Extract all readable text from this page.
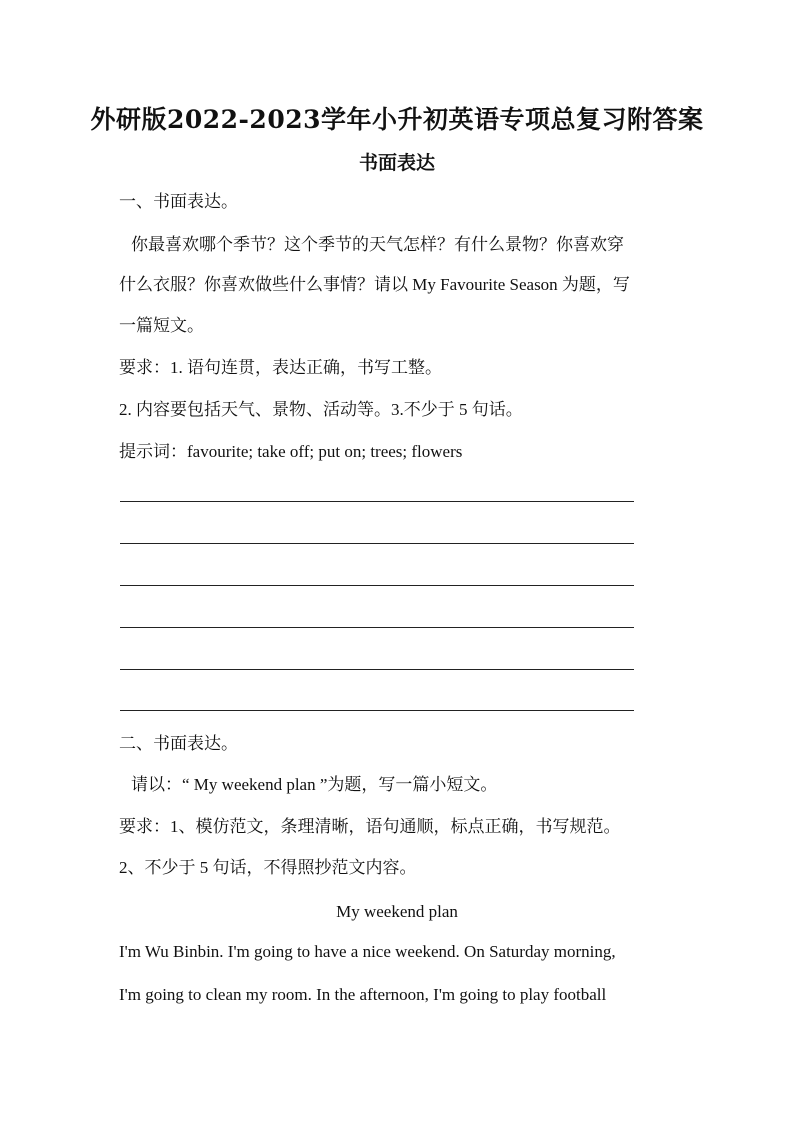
外研版2022-2023学年小升初英语专项总复习附答案
书面表达
一、书面表达。
你最喜欢哪个季节？这个季节的天气怎样？有什么景物？你喜欢穿
什么衣服？你喜欢做些什么事情？请以 My Favourite Season 为题，写
一篇短文。
要求：1. 语句连贯，表达正确，书写工整。
2. 内容要包括天气、景物、活动等。3.不少于 5 句话。
提示词：favourite; take off; put on; trees; flowers
二、书面表达。
请以：“ My weekend plan ”为题，写一篇小短文。
要求：1、模仿范文，条理清晰，语句通顺，标点正确，书写规范。
2、不少于 5 句话，不得照抄范文内容。
My weekend plan
I'm Wu Binbin. I'm going to have a nice weekend. On Saturday morning,
I'm going to clean my room. In the afternoon, I'm going to play football
